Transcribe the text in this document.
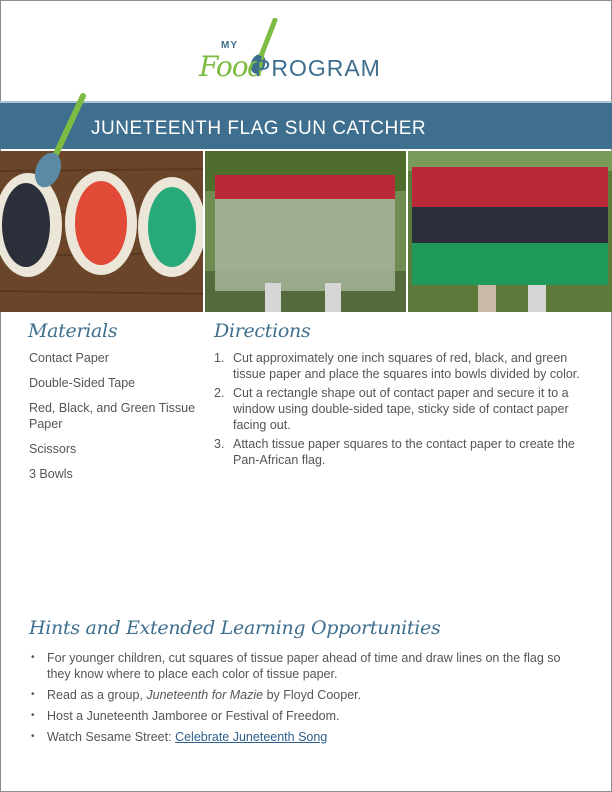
MY
Food
PROGRAM
JUNETEENTH FLAG SUN CATCHER
Materials
Contact Paper
Double-Sided Tape
Red, Black, and Green Tissue Paper
Scissors
3 Bowls
Directions
1. Cut approximately one inch squares of red, black, and green tissue paper and place the squares into bowls divided by color.
2. Cut a rectangle shape out of contact paper and secure it to a window using double-sided tape, sticky side of contact paper facing out.
3. Attach tissue paper squares to the contact paper to create the Pan-African flag.
Hints and Extended Learning Opportunities
• For younger children, cut squares of tissue paper ahead of time and draw lines on the flag so they know where to place each color of tissue paper.
• Read as a group, Juneteenth for Mazie by Floyd Cooper.
• Host a Juneteenth Jamboree or Festival of Freedom.
• Watch Sesame Street: Celebrate Juneteenth Song
